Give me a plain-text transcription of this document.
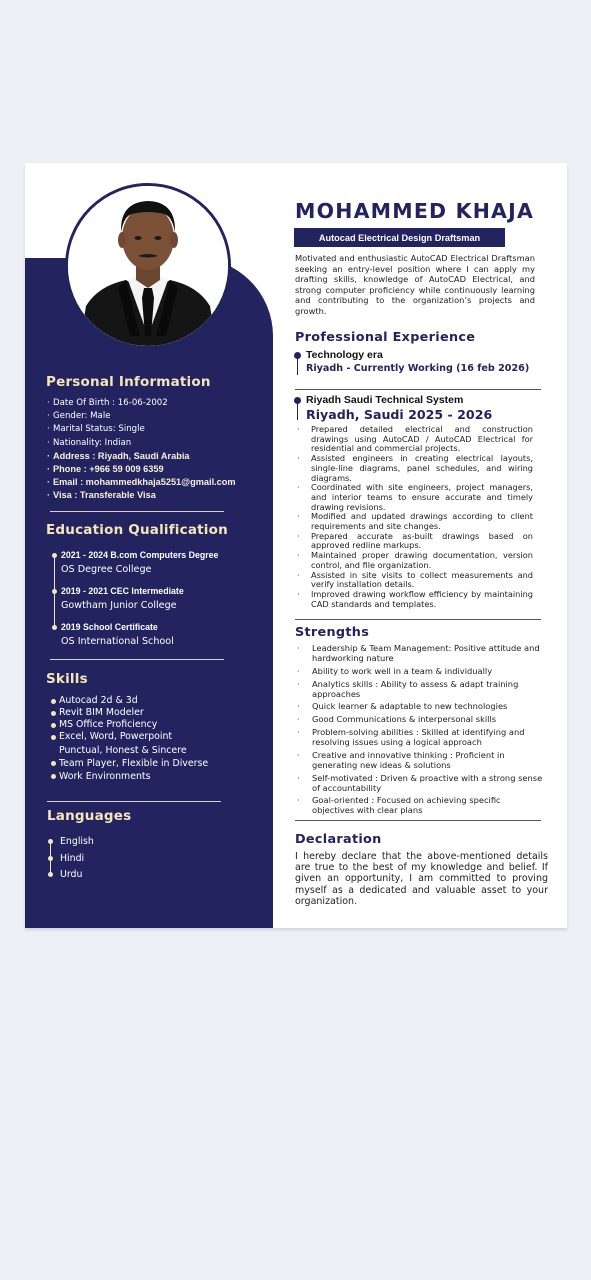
Personal Information
· Date Of Birth : 16-06-2002
· Gender: Male
· Marital Status: Single
· Nationality: Indian
· Address : Riyadh, Saudi Arabia
· Phone : +966 59 009 6359
· Email : mohammedkhaja5251@gmail.com
· Visa : Transferable Visa
Education Qualification
2021 - 2024 B.com Computers Degree
OS Degree College
2019 - 2021 CEC Intermediate
Gowtham Junior College
2019 School Certificate
OS International School
Skills
Autocad 2d & 3d
Revit BIM Modeler
MS Office Proficiency
Excel, Word, Powerpoint
Punctual, Honest & Sincere
Team Player, Flexible in Diverse
Work Environments
Languages
English
Hindi
Urdu
MOHAMMED KHAJA
Autocad Electrical Design Draftsman
Motivated and enthusiastic AutoCAD Electrical Draftsman seeking an entry-level position where I can apply my drafting skills, knowledge of AutoCAD Electrical, and strong computer proficiency while continuously learning and contributing to the organization’s projects and growth.
Professional Experience
Technology era
Riyadh - Currently Working (16 feb 2026)
Riyadh Saudi Technical System
Riyadh, Saudi 2025 - 2026
· Prepared detailed electrical and construction drawings using AutoCAD / AutoCAD Electrical for residential and commercial projects.
· Assisted engineers in creating electrical layouts, single-line diagrams, panel schedules, and wiring diagrams.
· Coordinated with site engineers, project managers, and interior teams to ensure accurate and timely drawing revisions.
· Modified and updated drawings according to client requirements and site changes.
· Prepared accurate as-built drawings based on approved redline markups.
· Maintained proper drawing documentation, version control, and file organization.
· Assisted in site visits to collect measurements and verify installation details.
· Improved drawing workflow efficiency by maintaining CAD standards and templates.
Strengths
· Leadership & Team Management: Positive attitude and hardworking nature
· Ability to work well in a team & individually
· Analytics skills : Ability to assess & adapt training approaches
· Quick learner & adaptable to new technologies
· Good Communications & interpersonal skills
· Problem-solving abilities : Skilled at identifying and resolving issues using a logical approach
· Creative and innovative thinking : Proficient in generating new ideas & solutions
· Self-motivated : Driven & proactive with a strong sense of accountability
· Goal-oriented : Focused on achieving specific objectives with clear plans
Declaration
I hereby declare that the above-mentioned details are true to the best of my knowledge and belief. If given an opportunity, I am committed to proving myself as a dedicated and valuable asset to your organization.
